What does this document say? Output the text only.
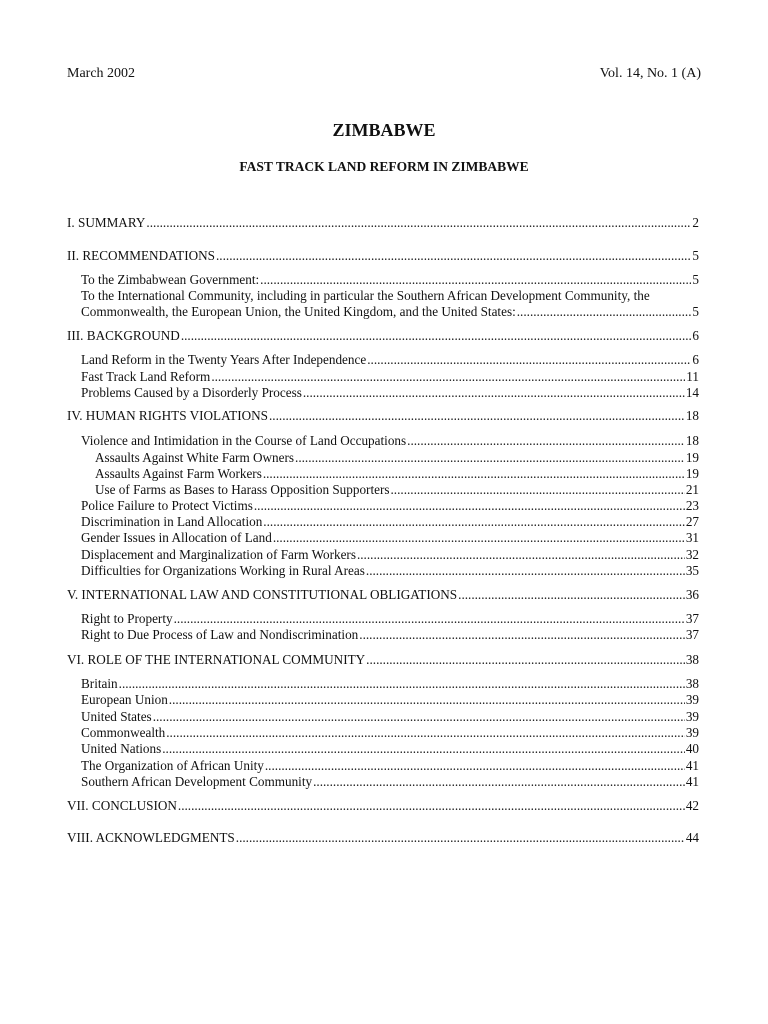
March 2002	Vol. 14, No. 1 (A)
ZIMBABWE
FAST TRACK LAND REFORM IN ZIMBABWE
I. SUMMARY .....	2
II. RECOMMENDATIONS .....	5
To the Zimbabwean Government: .....	5
To the International Community, including in particular the Southern African Development Community, the
Commonwealth, the European Union, the United Kingdom, and the United States: .....	5
III. BACKGROUND .....	6
Land Reform in the Twenty Years After Independence .....	6
Fast Track Land Reform .....	11
Problems Caused by a Disorderly Process .....	14
IV. HUMAN RIGHTS VIOLATIONS .....	18
Violence and Intimidation in the Course of Land Occupations .....	18
Assaults Against White Farm Owners .....	19
Assaults Against Farm Workers .....	19
Use of Farms as Bases to Harass Opposition Supporters .....	21
Police Failure to Protect Victims .....	23
Discrimination in Land Allocation .....	27
Gender Issues in Allocation of Land .....	31
Displacement and Marginalization of Farm Workers .....	32
Difficulties for Organizations Working in Rural Areas .....	35
V. INTERNATIONAL LAW AND CONSTITUTIONAL OBLIGATIONS .....	36
Right to Property .....	37
Right to Due Process of Law and Nondiscrimination .....	37
VI. ROLE OF THE INTERNATIONAL COMMUNITY .....	38
Britain .....	38
European Union .....	39
United States .....	39
Commonwealth .....	39
United Nations .....	40
The Organization of African Unity .....	41
Southern African Development Community .....	41
VII. CONCLUSION .....	42
VIII. ACKNOWLEDGMENTS .....	44
